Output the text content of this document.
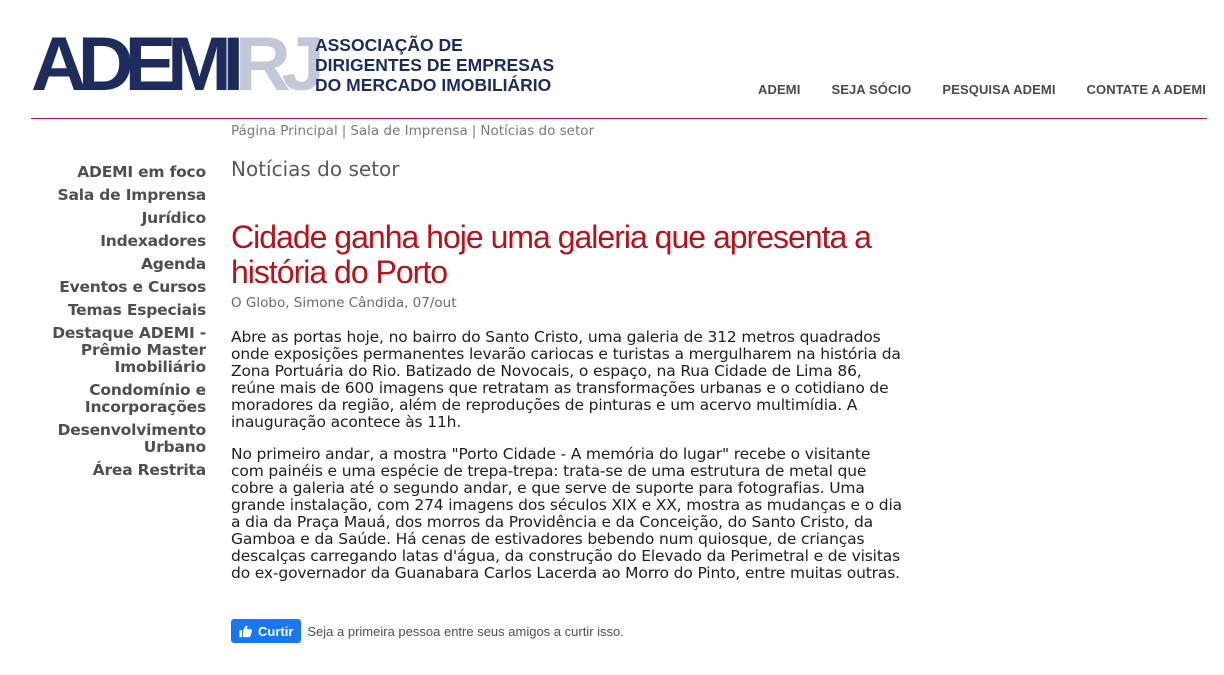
ADEMIRJ ASSOCIAÇÃO DE
DIRIGENTES DE EMPRESAS
DO MERCADO IMOBILIÁRIO	ADEMI SEJA SÓCIO PESQUISA ADEMI CONTATE A ADEMI
Página Principal | Sala de Imprensa | Notícias do setor
ADEMI em foco
Sala de Imprensa
Jurídico
Indexadores
Agenda
Eventos e Cursos
Temas Especiais
Destaque ADEMI - Prêmio Master Imobiliário
Condomínio e Incorporações
Desenvolvimento Urbano
Área Restrita
Notícias do setor
Cidade ganha hoje uma galeria que apresenta a história do Porto
O Globo, Simone Cândida, 07/out

Abre as portas hoje, no bairro do Santo Cristo, uma galeria de 312 metros quadrados onde exposições permanentes levarão cariocas e turistas a mergulharem na história da Zona Portuária do Rio. Batizado de Novocais, o espaço, na Rua Cidade de Lima 86, reúne mais de 600 imagens que retratam as transformações urbanas e o cotidiano de moradores da região, além de reproduções de pinturas e um acervo multimídia. A inauguração acontece às 11h.

No primeiro andar, a mostra "Porto Cidade - A memória do lugar" recebe o visitante com painéis e uma espécie de trepa-trepa: trata-se de uma estrutura de metal que cobre a galeria até o segundo andar, e que serve de suporte para fotografias. Uma grande instalação, com 274 imagens dos séculos XIX e XX, mostra as mudanças e o dia a dia da Praça Mauá, dos morros da Providência e da Conceição, do Santo Cristo, da Gamboa e da Saúde. Há cenas de estivadores bebendo num quiosque, de crianças descalças carregando latas d'água, da construção do Elevado da Perimetral e de visitas do ex-governador da Guanabara Carlos Lacerda ao Morro do Pinto, entre muitas outras.

Curtir Seja a primeira pessoa entre seus amigos a curtir isso.
